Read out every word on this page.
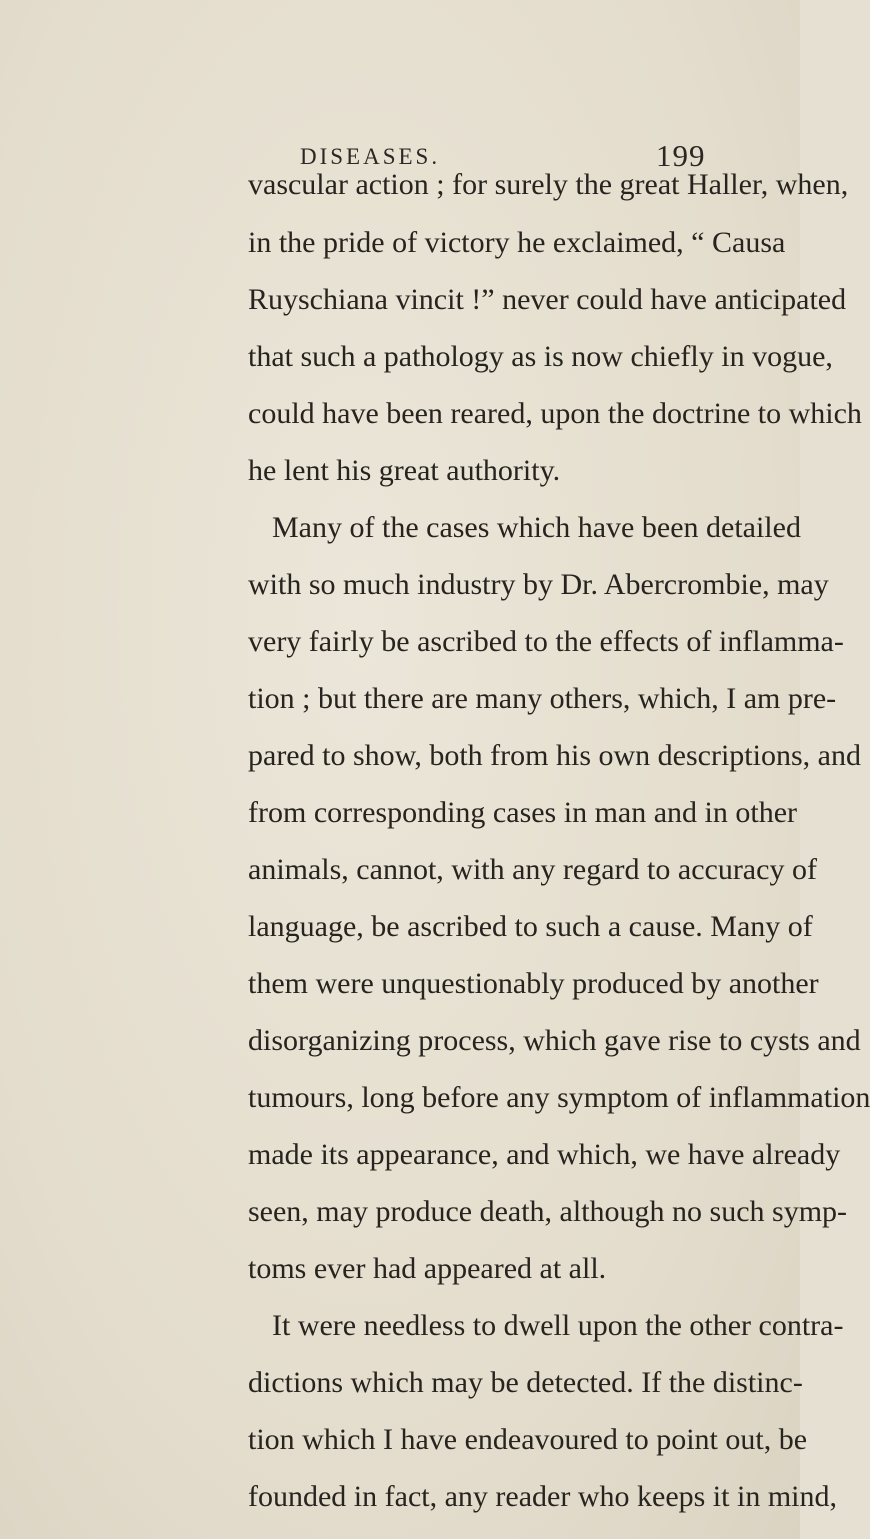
DISEASES.	199
vascular action ; for surely the great Haller, when,
in the pride of victory he exclaimed, “ Causa
Ruyschiana vincit !” never could have anticipated
that such a pathology as is now chiefly in vogue,
could have been reared, upon the doctrine to which
he lent his great authority.
Many of the cases which have been detailed
with so much industry by Dr. Abercrombie, may
very fairly be ascribed to the effects of inflamma-
tion ; but there are many others, which, I am pre-
pared to show, both from his own descriptions, and
from corresponding cases in man and in other
animals, cannot, with any regard to accuracy of
language, be ascribed to such a cause. Many of
them were unquestionably produced by another
disorganizing process, which gave rise to cysts and
tumours, long before any symptom of inflammation
made its appearance, and which, we have already
seen, may produce death, although no such symp-
toms ever had appeared at all.
It were needless to dwell upon the other contra-
dictions which may be detected. If the distinc-
tion which I have endeavoured to point out, be
founded in fact, any reader who keeps it in mind,
